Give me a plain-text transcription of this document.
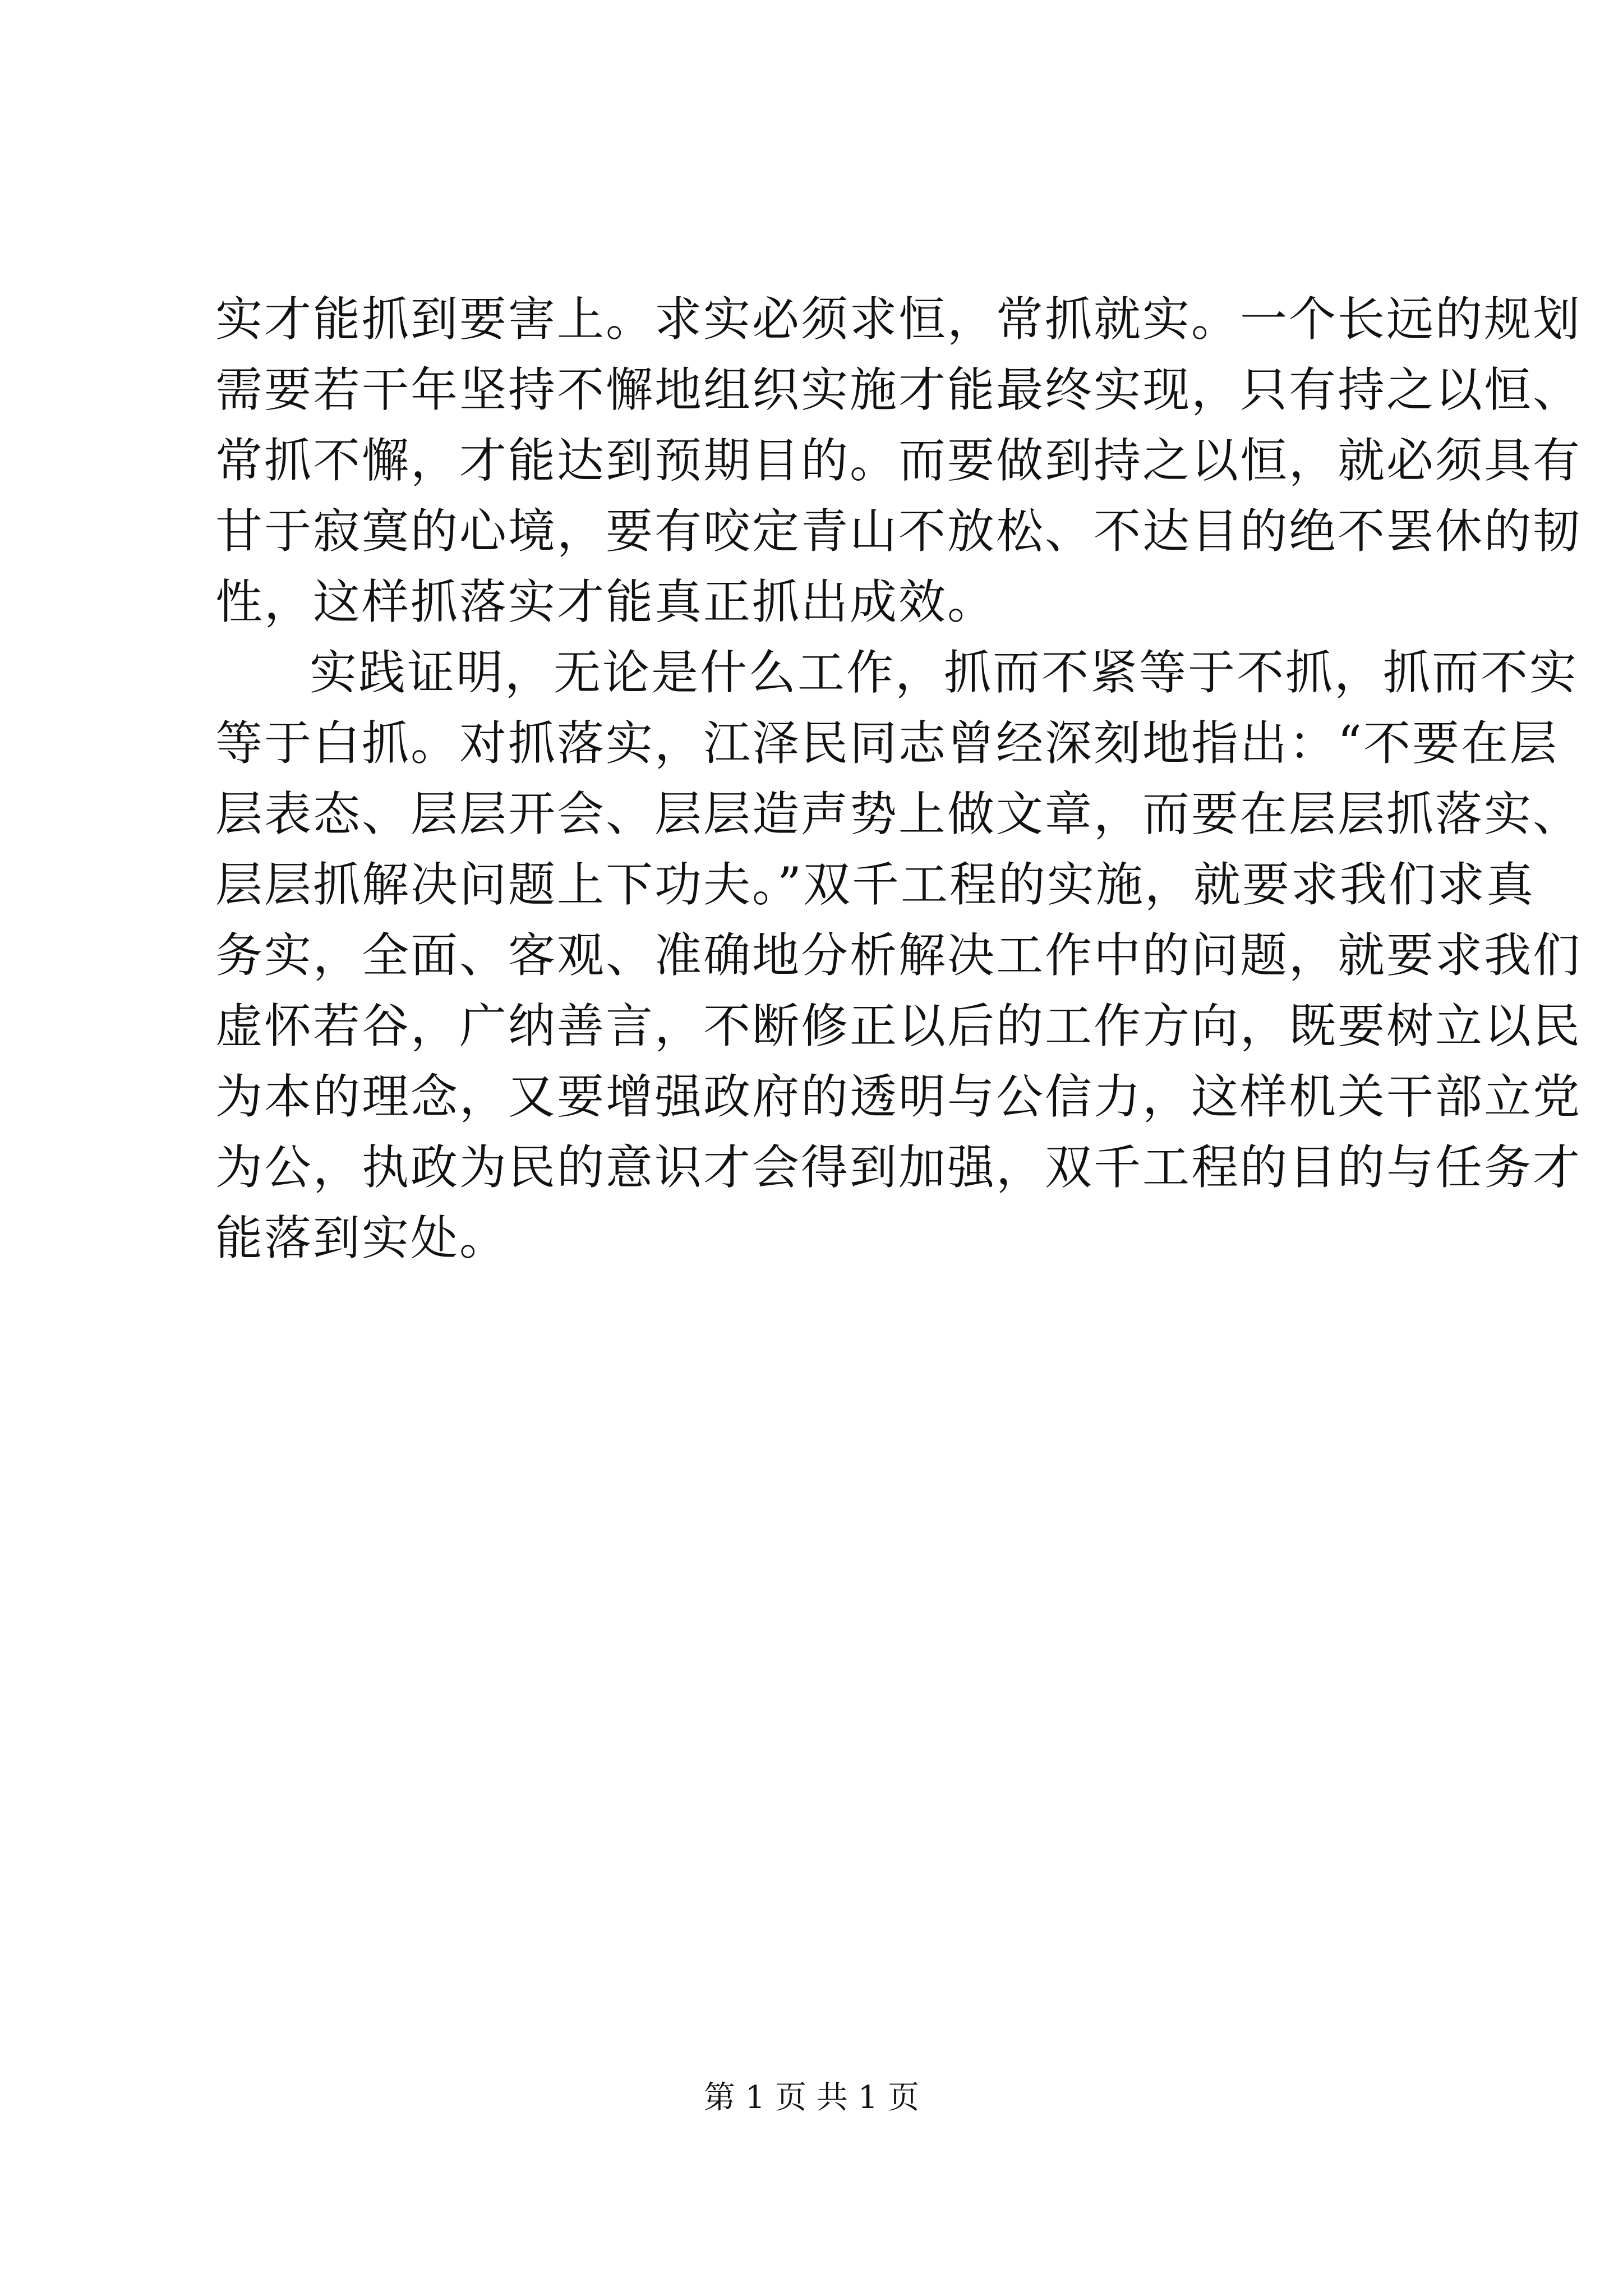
实才能抓到要害上。求实必须求恒，常抓就实。一个长远的规划
需要若干年坚持不懈地组织实施才能最终实现，只有持之以恒、
常抓不懈，才能达到预期目的。而要做到持之以恒，就必须具有
甘于寂寞的心境，要有咬定青山不放松、不达目的绝不罢休的韧
性，这样抓落实才能真正抓出成效。
实践证明，无论是什么工作，抓而不紧等于不抓，抓而不实
等于白抓。对抓落实，江泽民同志曾经深刻地指出：“不要在层
层表态、层层开会、层层造声势上做文章，而要在层层抓落实、
层层抓解决问题上下功夫。”双千工程的实施，就要求我们求真
务实，全面、客观、准确地分析解决工作中的问题，就要求我们
虚怀若谷，广纳善言，不断修正以后的工作方向，既要树立以民
为本的理念，又要增强政府的透明与公信力，这样机关干部立党
为公，执政为民的意识才会得到加强，双千工程的目的与任务才
能落到实处。
第 1 页 共 1 页
